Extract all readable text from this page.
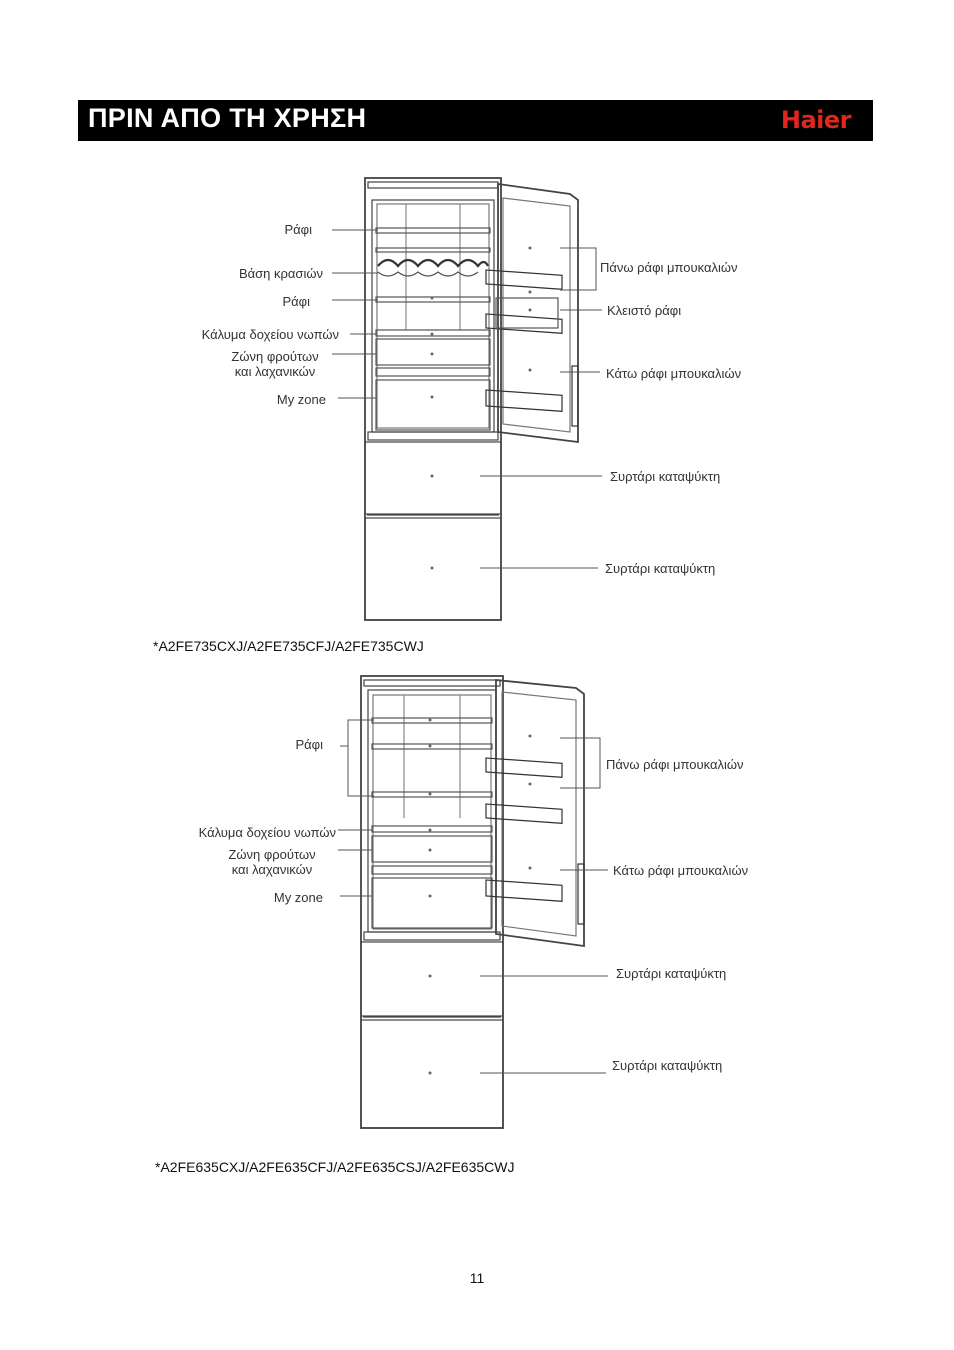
ΠΡΙΝ ΑΠΟ ΤΗ ΧΡΗΣΗ	Haier
Ράφι
Βάση κρασιών
Ράφι
Κάλυμα δοχείου νωπών
Ζώνη φρούτων
και λαχανικών
My zone
Πάνω ράφι μπουκαλιών
Κλειστό ράφι
Κάτω ράφι μπουκαλιών
Συρτάρι καταψύκτη
Συρτάρι καταψύκτη
*A2FE735CXJ/A2FE735CFJ/A2FE735CWJ
Ράφι
Κάλυμα δοχείου νωπών
Ζώνη φρούτων
και λαχανικών
My zone
Πάνω ράφι μπουκαλιών
Κάτω ράφι μπουκαλιών
Συρτάρι καταψύκτη
Συρτάρι καταψύκτη
*A2FE635CXJ/A2FE635CFJ/A2FE635CSJ/A2FE635CWJ
11
